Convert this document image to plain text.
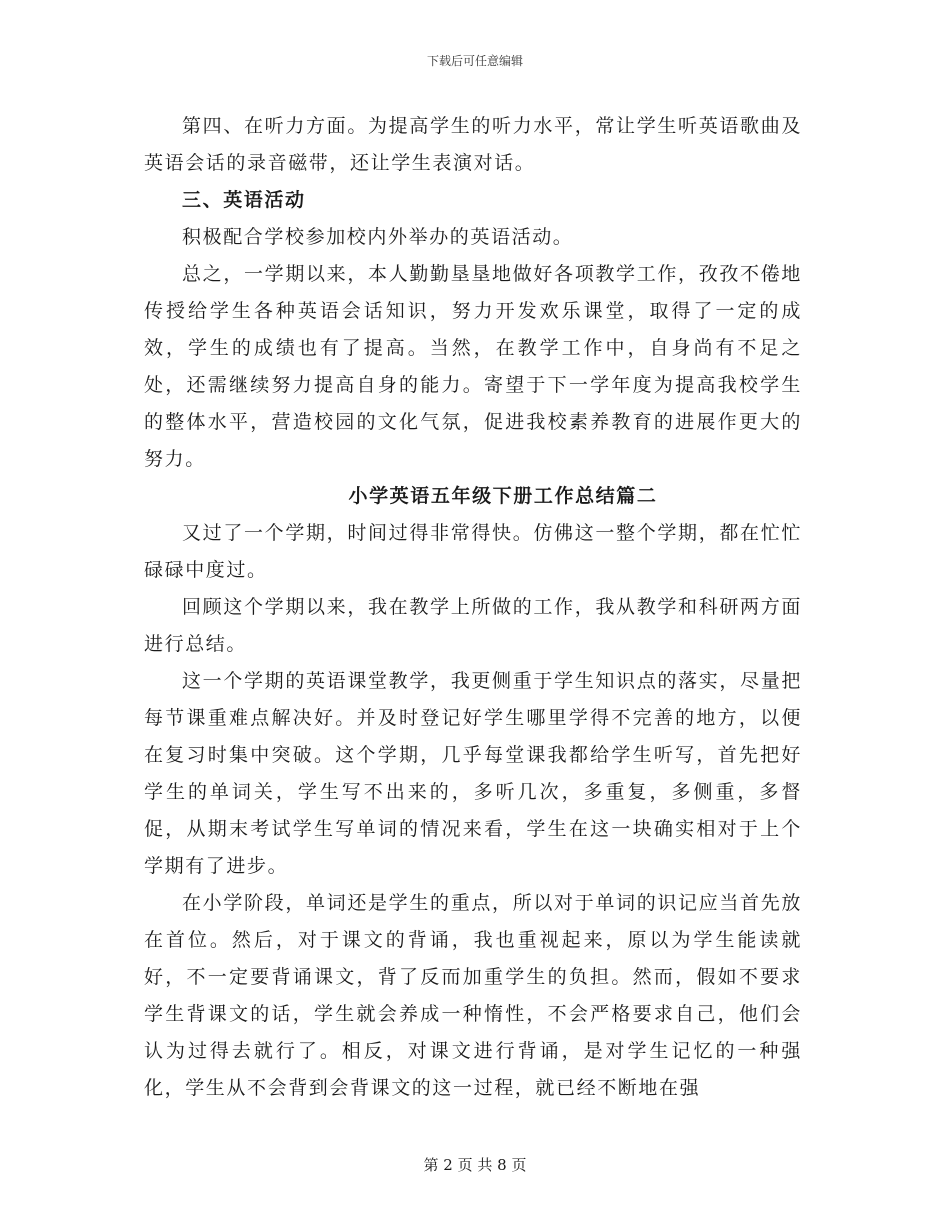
下载后可任意编辑

第四、在听力方面。为提高学生的听力水平，常让学生听英语歌曲及英语会话的录音磁带，还让学生表演对话。

三、英语活动

积极配合学校参加校内外举办的英语活动。

总之，一学期以来，本人勤勤垦垦地做好各项教学工作，孜孜不倦地传授给学生各种英语会话知识，努力开发欢乐课堂，取得了一定的成效，学生的成绩也有了提高。当然，在教学工作中，自身尚有不足之处，还需继续努力提高自身的能力。寄望于下一学年度为提高我校学生的整体水平，营造校园的文化气氛，促进我校素养教育的进展作更大的努力。

小学英语五年级下册工作总结篇二

又过了一个学期，时间过得非常得快。仿佛这一整个学期，都在忙忙碌碌中度过。

回顾这个学期以来，我在教学上所做的工作，我从教学和科研两方面进行总结。

这一个学期的英语课堂教学，我更侧重于学生知识点的落实，尽量把每节课重难点解决好。并及时登记好学生哪里学得不完善的地方，以便在复习时集中突破。这个学期，几乎每堂课我都给学生听写，首先把好学生的单词关，学生写不出来的，多听几次，多重复，多侧重，多督促，从期末考试学生写单词的情况来看，学生在这一块确实相对于上个学期有了进步。

在小学阶段，单词还是学生的重点，所以对于单词的识记应当首先放在首位。然后，对于课文的背诵，我也重视起来，原以为学生能读就好，不一定要背诵课文，背了反而加重学生的负担。然而，假如不要求学生背课文的话，学生就会养成一种惰性，不会严格要求自己，他们会认为过得去就行了。相反，对课文进行背诵，是对学生记忆的一种强化，学生从不会背到会背课文的这一过程，就已经不断地在强

第 2 页 共 8 页
